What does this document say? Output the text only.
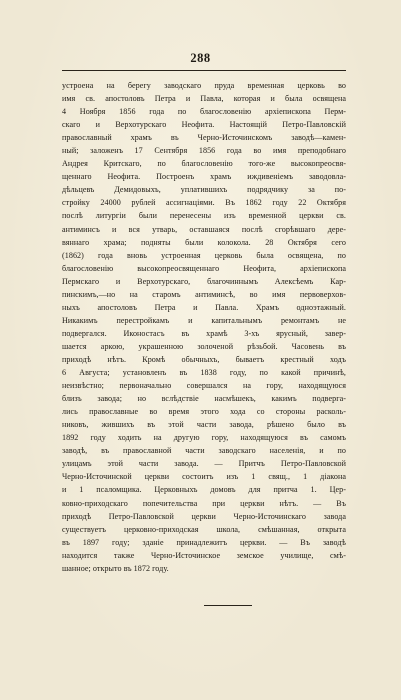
288
устроена на берегу заводскаго пруда временная церковь во
имя св. апостоловъ Петра и Павла, которая и была освящена
4 Ноября 1856 года по благословенію архіепископа Перм-
скаго и Верхотурскаго Неофита. Настоящій Петро-Павловскій
православный храмъ въ Черно-Источинскомъ заводѣ—камен-
ный; заложенъ 17 Сентября 1856 года во имя преподобнаго
Андрея Критскаго, по благословенію того-же высокопреосвя-
щеннаго Неофита. Построенъ храмъ иждивеніемъ заводовла-
дѣльцевъ Демидовыхъ, уплатившихъ подрядчику за по-
стройку 24000 рублей ассигнаціями. Въ 1862 году 22 Октября
послѣ литургіи были перенесены изъ временной церкви св.
антиминсъ и вся утварь, оставшаяся послѣ сгорѣвшаго дере-
вяннаго храма; подняты были колокола. 28 Октября сего
(1862) года вновь устроенная церковь была освящена, по
благословенію высокопреосвященнаго Неофита, архіепископа
Пермскаго и Верхотурскаго, благочиннымъ Алексѣемъ Кар-
пинскимъ,—но на старомъ антиминсѣ, во имя первоверхов-
ныхъ апостоловъ Петра и Павла. Храмъ одноэтажный.
Никакимъ перестройкамъ и капитальнымъ ремонтамъ не
подвергался. Иконостасъ въ храмѣ 3-хъ ярусный, завер-
шается аркою, украшенною золоченой рѣзьбой. Часовень въ
приходѣ нѣтъ. Кромѣ обычныхъ, бываетъ крестный ходъ
6 Августа; установленъ въ 1838 году, по какой причинѣ,
неизвѣстно; первоначально совершался на гору, находящуюся
близъ завода; но вслѣдствіе насмѣшекъ, какимъ подверга-
лись православные во время этого хода со стороны расколь-
никовъ, жившихъ въ этой части завода, рѣшено было въ
1892 году ходить на другую гору, находящуюся въ самомъ
заводѣ, въ православной части заводскаго населенія, и по
улицамъ этой части завода. — Притчъ Петро-Павловской
Черно-Источинской церкви состоитъ изъ 1 свящ., 1 діакона
и 1 псаломщика. Церковныхъ домовъ для притча 1. Цер-
ковно-приходскаго попечительства при церкви нѣтъ. — Въ
приходѣ Петро-Павловской церкви Черно-Источинскаго завода
существуетъ церковно-приходская школа, смѣшанная, открыта
въ 1897 году; зданіе принадлежитъ церкви. — Въ заводѣ
находится также Черно-Источинское земское училище, смѣ-
шанное; открыто въ 1872 году.
